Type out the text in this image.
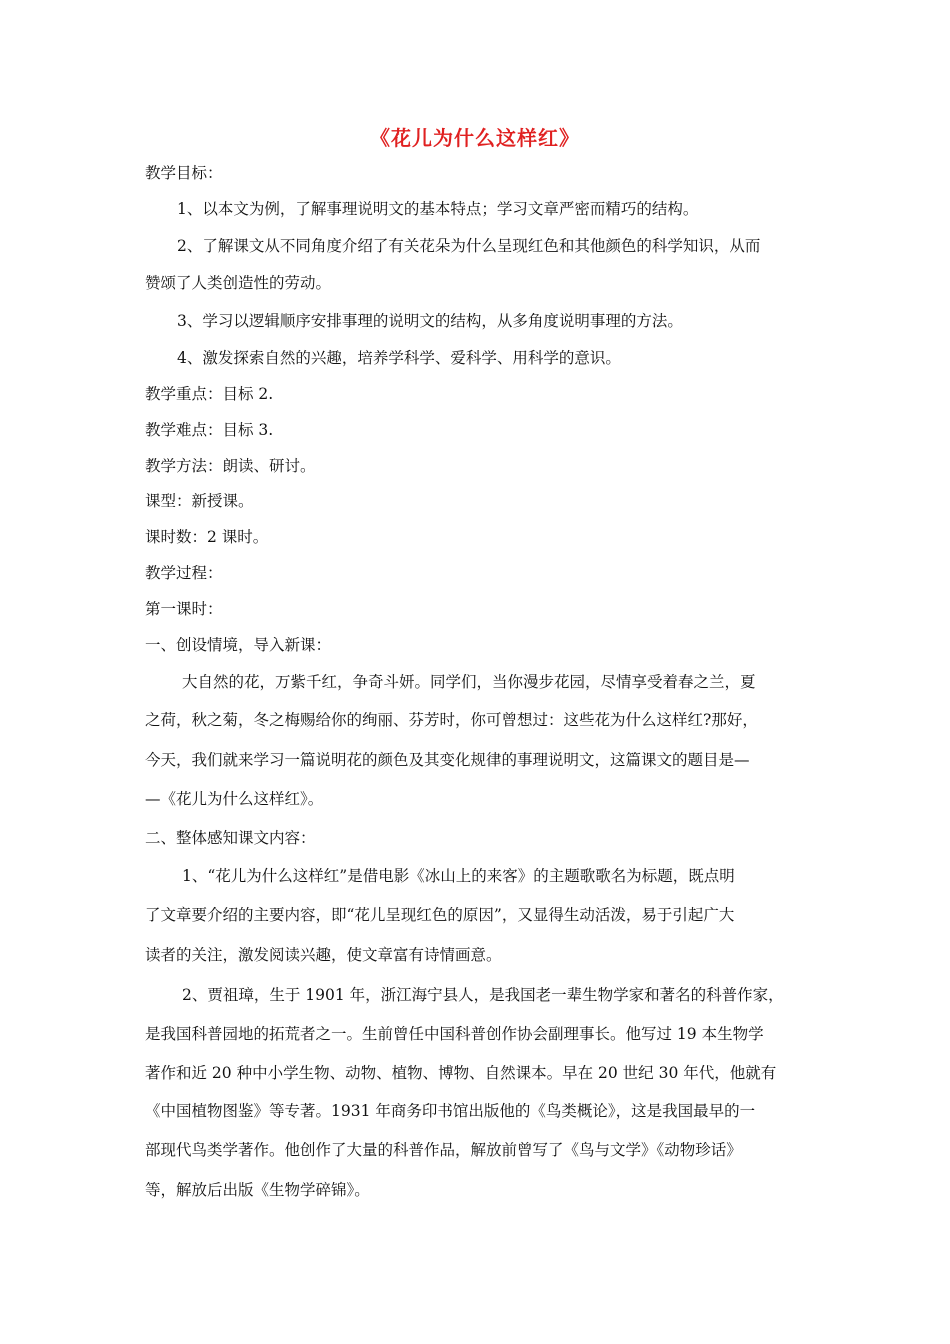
《花儿为什么这样红》
教学目标：
1、以本文为例，了解事理说明文的基本特点；学习文章严密而精巧的结构。
2、了解课文从不同角度介绍了有关花朵为什么呈现红色和其他颜色的科学知识，从而
赞颂了人类创造性的劳动。
3、学习以逻辑顺序安排事理的说明文的结构，从多角度说明事理的方法。
4、激发探索自然的兴趣，培养学科学、爱科学、用科学的意识。
教学重点：目标 2.
教学难点：目标 3.
教学方法：朗读、研讨。
课型：新授课。
课时数：2 课时。
教学过程：
第一课时：
一、创设情境，导入新课：
大自然的花，万紫千红，争奇斗妍。同学们，当你漫步花园，尽情享受着春之兰，夏
之荷，秋之菊，冬之梅赐给你的绚丽、芬芳时，你可曾想过：这些花为什么这样红?那好，
今天，我们就来学习一篇说明花的颜色及其变化规律的事理说明文，这篇课文的题目是—
—《花儿为什么这样红》。
二、整体感知课文内容：
1、“花儿为什么这样红”是借电影《冰山上的来客》的主题歌歌名为标题，既点明
了文章要介绍的主要内容，即“花儿呈现红色的原因”，又显得生动活泼，易于引起广大
读者的关注，激发阅读兴趣，使文章富有诗情画意。
2、贾祖璋，生于 1901 年，浙江海宁县人，是我国老一辈生物学家和著名的科普作家，
是我国科普园地的拓荒者之一。生前曾任中国科普创作协会副理事长。他写过 19 本生物学
著作和近 20 种中小学生物、动物、植物、博物、自然课本。早在 20 世纪 30 年代，他就有
《中国植物图鉴》等专著。1931 年商务印书馆出版他的《鸟类概论》，这是我国最早的一
部现代鸟类学著作。他创作了大量的科普作品，解放前曾写了《鸟与文学》《动物珍话》
等，解放后出版《生物学碎锦》。
